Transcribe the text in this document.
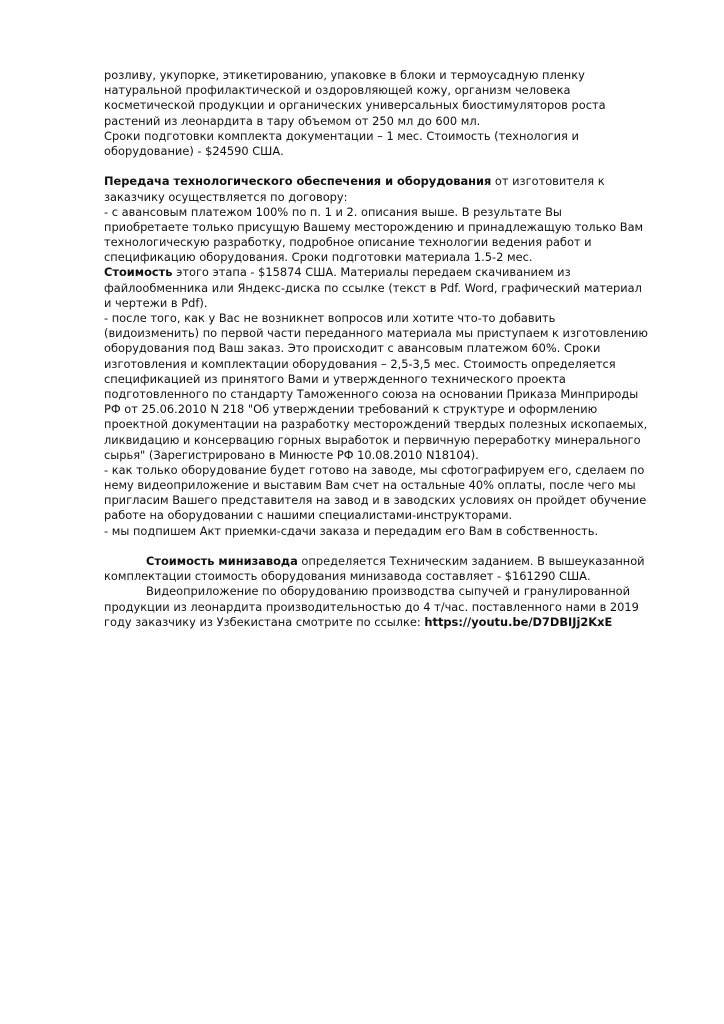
розливу, укупорке, этикетированию, упаковке в блоки и термоусадную пленку
натуральной профилактической и оздоровляющей кожу, организм человека
косметической продукции и органических универсальных биостимуляторов роста
растений из леонардита в тару объемом от 250 мл до 600 мл.
Сроки подготовки комплекта документации – 1 мес. Стоимость (технология и
оборудование) - $24590 США.
Передача технологического обеспечения и оборудования от изготовителя к
заказчику осуществляется по договору:
- с авансовым платежом 100% по п. 1 и 2. описания выше. В результате Вы
приобретаете только присущую Вашему месторождению и принадлежащую только Вам
технологическую разработку, подробное описание технологии ведения работ и
спецификацию оборудования. Сроки подготовки материала 1.5-2 мес.
Стоимость этого этапа - $15874 США. Материалы передаем скачиванием из
файлообменника или Яндекс-диска по ссылке (текст в Pdf. Word, графический материал
и чертежи в Pdf).
- после того, как у Вас не возникнет вопросов или хотите что-то добавить
(видоизменить) по первой части переданного материала мы приступаем к изготовлению
оборудования под Ваш заказ. Это происходит с авансовым платежом 60%. Сроки
изготовления и комплектации оборудования – 2,5-3,5 мес. Стоимость определяется
спецификацией из принятого Вами и утвержденного технического проекта
подготовленного по стандарту Таможенного союза на основании Приказа Минприроды
РФ от 25.06.2010 N 218 "Об утверждении требований к структуре и оформлению
проектной документации на разработку месторождений твердых полезных ископаемых,
ликвидацию и консервацию горных выработок и первичную переработку минерального
сырья" (Зарегистрировано в Минюсте РФ 10.08.2010 N18104).
- как только оборудование будет готово на заводе, мы сфотографируем его, сделаем по
нему видеоприложение и выставим Вам счет на остальные 40% оплаты, после чего мы
пригласим Вашего представителя на завод и в заводских условиях он пройдет обучение
работе на оборудовании с нашими специалистами-инструкторами.
- мы подпишем Акт приемки-сдачи заказа и передадим его Вам в собственность.
Стоимость минизавода определяется Техническим заданием. В вышеуказанной
комплектации стоимость оборудования минизавода составляет - $161290 США.
Видеоприложение по оборудованию производства сыпучей и гранулированной
продукции из леонардита производительностью до 4 т/час. поставленного нами в 2019
году заказчику из Узбекистана смотрите по ссылке: https://youtu.be/D7DBIJj2KxE
